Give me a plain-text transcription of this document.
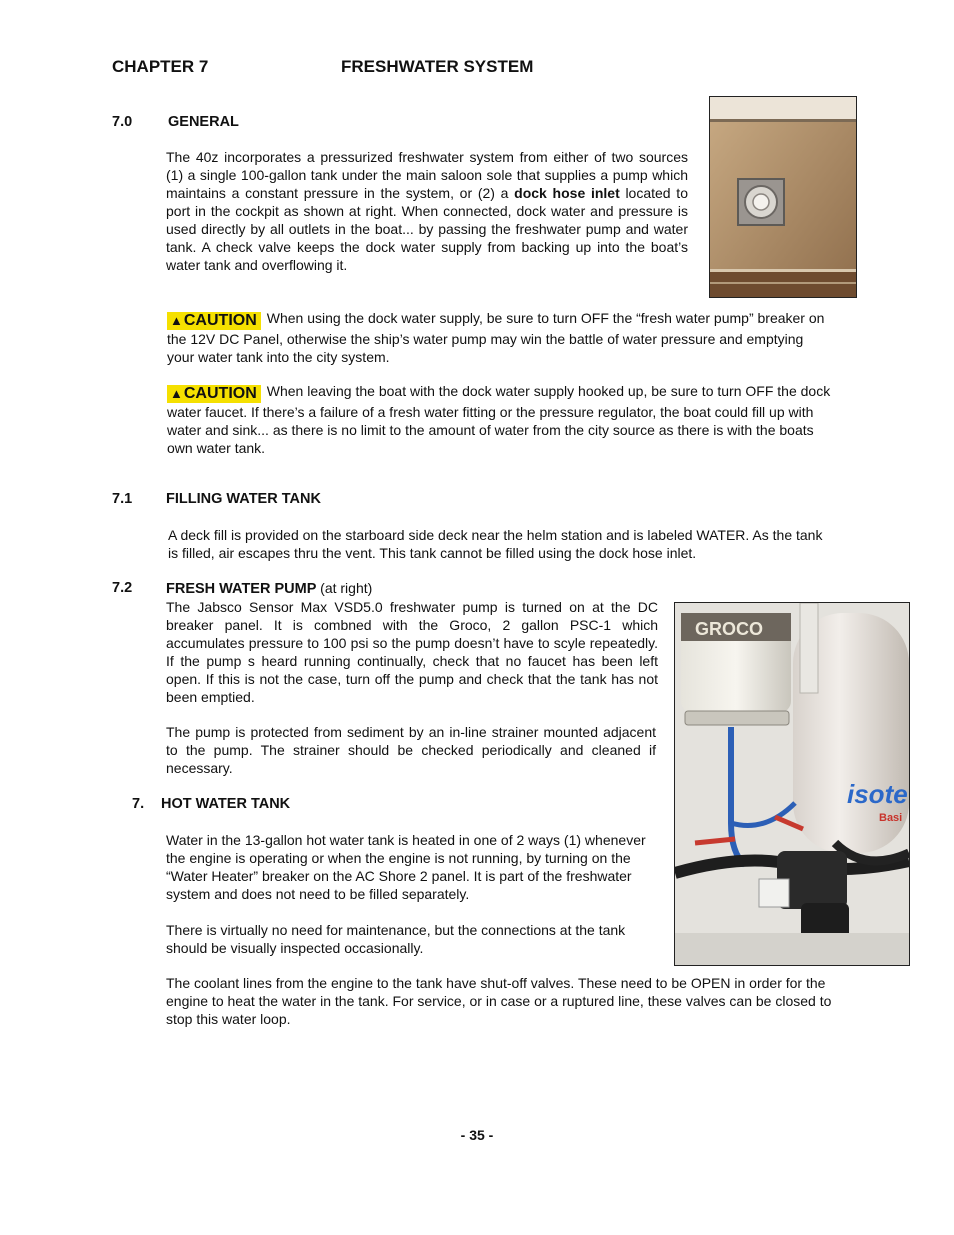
CHAPTER 7	FRESHWATER SYSTEM
7.0 GENERAL
The 40z incorporates a pressurized freshwater system from either of two sources (1) a single 100-gallon tank under the main saloon sole that supplies a pump which maintains a constant pressure in the system, or (2) a dock hose inlet located to port in the cockpit as shown at right. When connected, dock water and pressure is used directly by all outlets in the boat... by passing the freshwater pump and water tank. A check valve keeps the dock water supply from backing up into the boat’s water tank and overflowing it.
▲CAUTION When using the dock water supply, be sure to turn OFF the “fresh water pump” breaker on the 12V DC Panel, otherwise the ship’s water pump may win the battle of water pressure and emptying your water tank into the city system.
▲CAUTION When leaving the boat with the dock water supply hooked up, be sure to turn OFF the dock water faucet. If there’s a failure of a fresh water fitting or the pressure regulator, the boat could fill up with water and sink... as there is no limit to the amount of water from the city source as there is with the boats own water tank.
7.1 FILLING WATER TANK
A deck fill is provided on the starboard side deck near the helm station and is labeled WATER. As the tank is filled, air escapes thru the vent. This tank cannot be filled using the dock hose inlet.
7.2 FRESH WATER PUMP (at right)
The Jabsco Sensor Max VSD5.0 freshwater pump is turned on at the DC breaker panel. It is combned with the Groco, 2 gallon PSC-1 which accumulates pressure to 100 psi so the pump doesn’t have to scyle repeatedly. If the pump s heard running continually, check that no faucet has been left open. If this is not the case, turn off the pump and check that the tank has not been emptied.
The pump is protected from sediment by an in-line strainer mounted adjacent to the pump. The strainer should be checked periodically and cleaned if necessary.
isote
Basi
GROCO
7. HOT WATER TANK
Water in the 13-gallon hot water tank is heated in one of 2 ways (1) whenever the engine is operating or when the engine is not running, by turning on the “Water Heater” breaker on the AC Shore 2 panel. It is part of the freshwater system and does not need to be filled separately.
There is virtually no need for maintenance, but the connections at the tank should be visually inspected occasionally.
The coolant lines from the engine to the tank have shut-off valves. These need to be OPEN in order for the engine to heat the water in the tank. For service, or in case or a ruptured line, these valves can be closed to stop this water loop.
- 35 -
